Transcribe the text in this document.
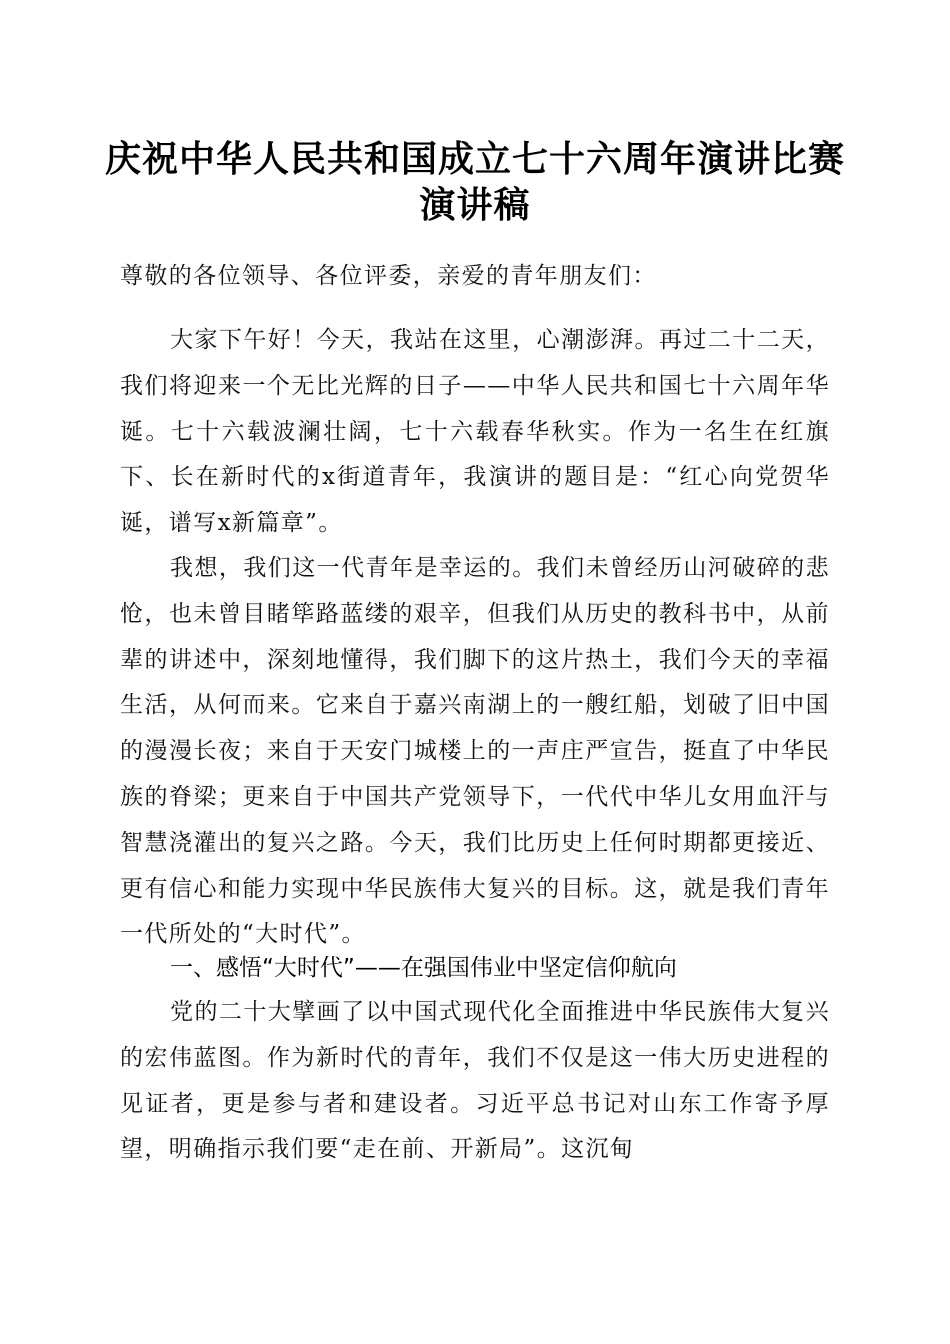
庆祝中华人民共和国成立七十六周年演讲比赛
演讲稿

尊敬的各位领导、各位评委，亲爱的青年朋友们：

大家下午好！今天，我站在这里，心潮澎湃。再过二十二天，我们将迎来一个无比光辉的日子——中华人民共和国七十六周年华诞。七十六载波澜壮阔，七十六载春华秋实。作为一名生在红旗下、长在新时代的x街道青年，我演讲的题目是：“红心向党贺华诞，谱写x新篇章”。

我想，我们这一代青年是幸运的。我们未曾经历山河破碎的悲怆，也未曾目睹筚路蓝缕的艰辛，但我们从历史的教科书中，从前辈的讲述中，深刻地懂得，我们脚下的这片热土，我们今天的幸福生活，从何而来。它来自于嘉兴南湖上的一艘红船，划破了旧中国的漫漫长夜；来自于天安门城楼上的一声庄严宣告，挺直了中华民族的脊梁；更来自于中国共产党领导下，一代代中华儿女用血汗与智慧浇灌出的复兴之路。今天，我们比历史上任何时期都更接近、更有信心和能力实现中华民族伟大复兴的目标。这，就是我们青年一代所处的“大时代”。

一、感悟“大时代”——在强国伟业中坚定信仰航向

党的二十大擘画了以中国式现代化全面推进中华民族伟大复兴的宏伟蓝图。作为新时代的青年，我们不仅是这一伟大历史进程的见证者，更是参与者和建设者。习近平总书记对山东工作寄予厚望，明确指示我们要“走在前、开新局”。这沉甸
